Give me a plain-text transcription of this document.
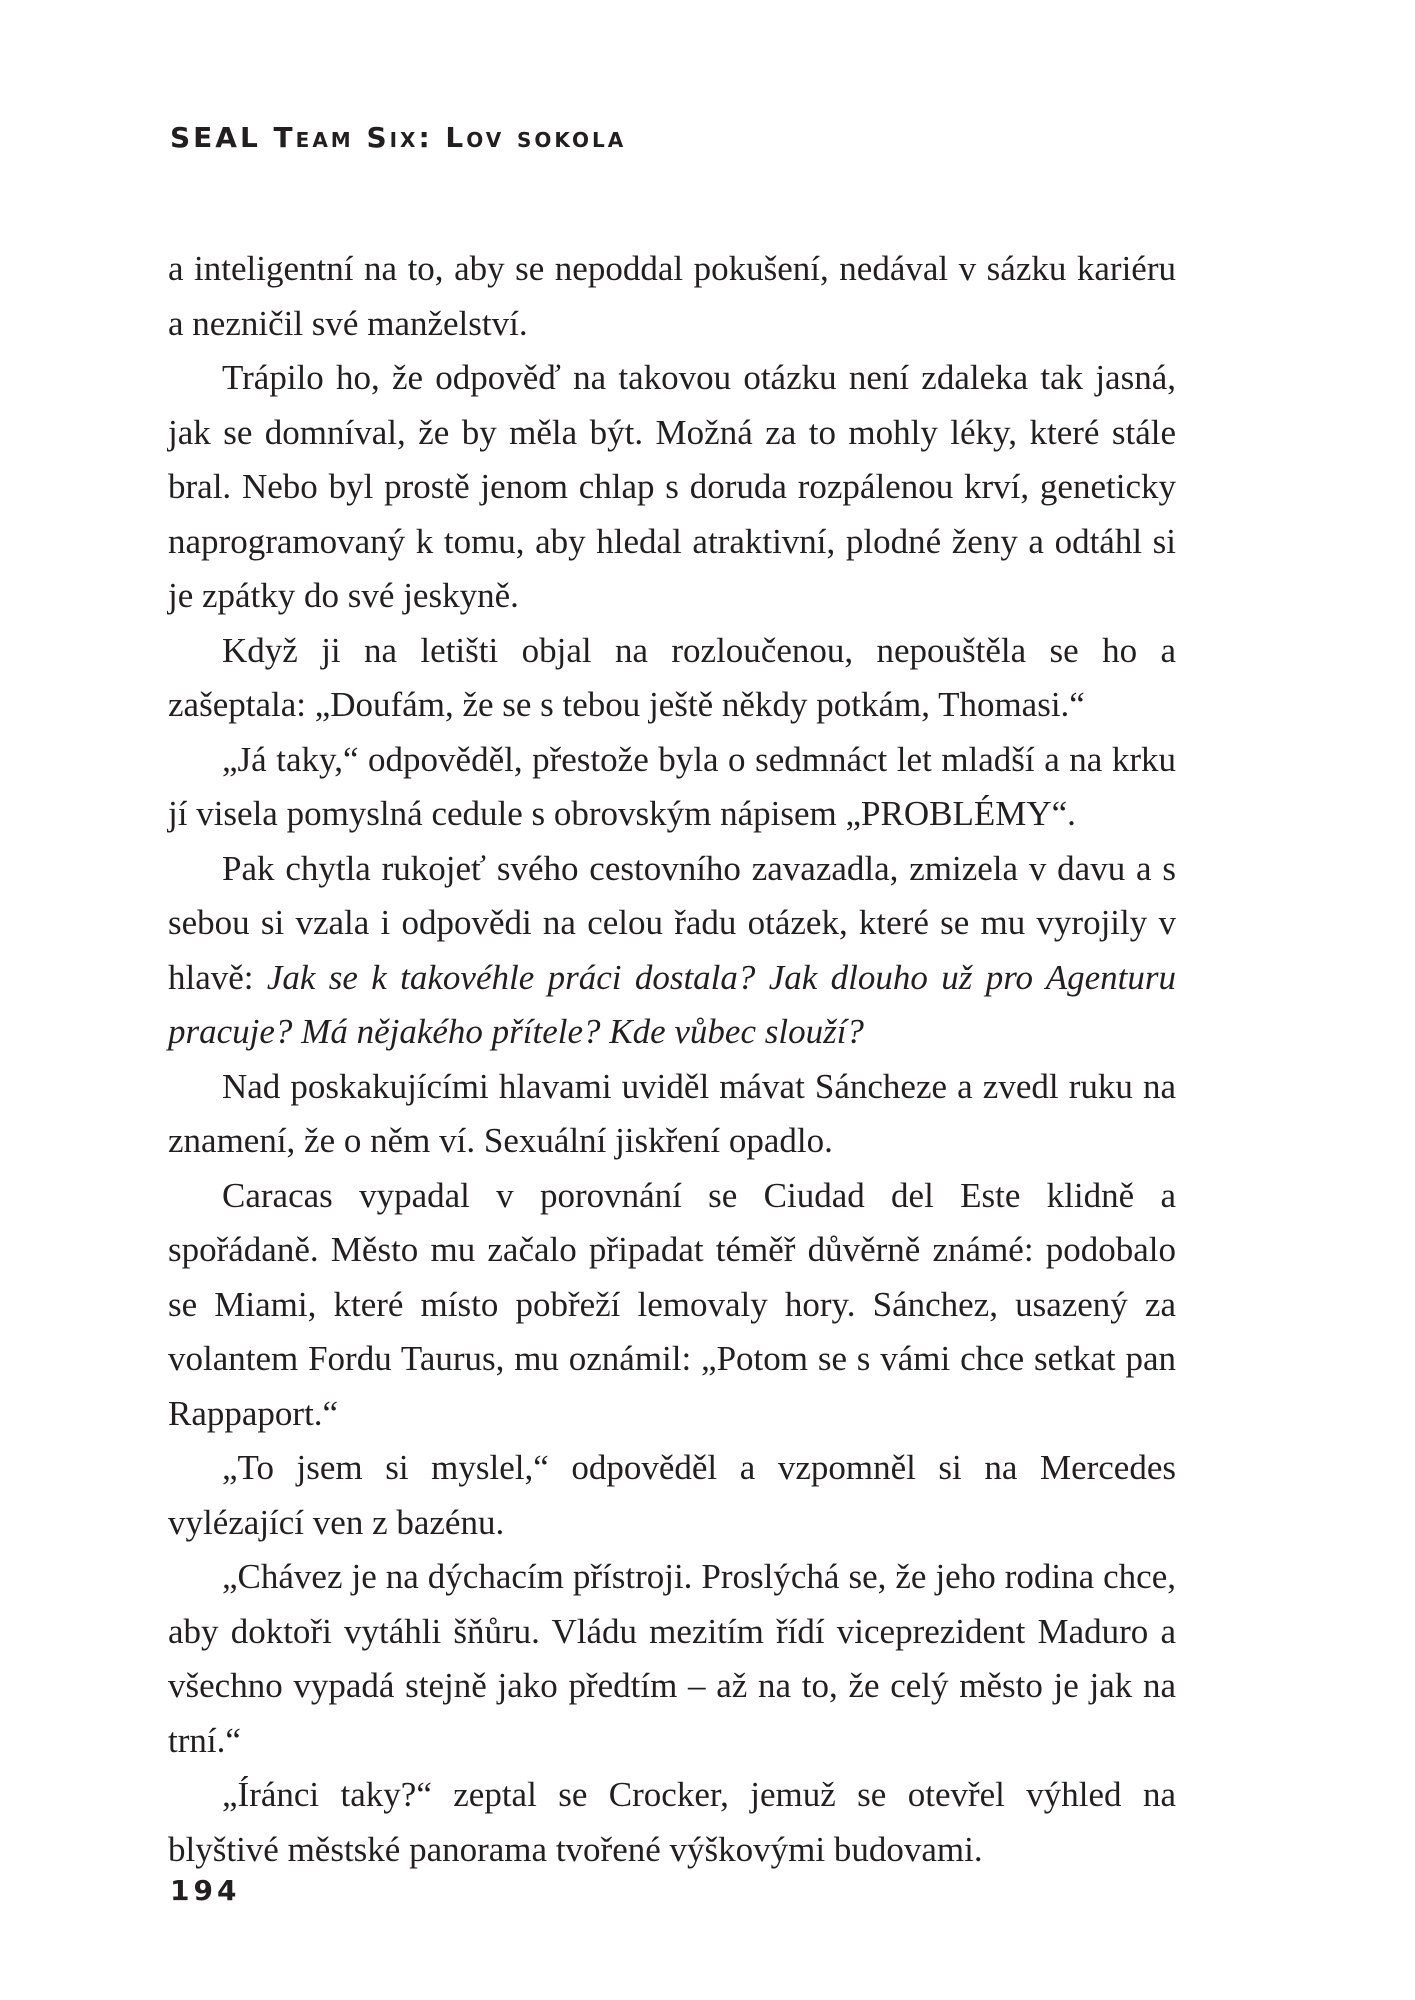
SEAL Team Six: Lov sokola

a inteligentní na to, aby se nepoddal pokušení, nedával v sázku kariéru a nezničil své manželství.

Trápilo ho, že odpověď na takovou otázku není zdaleka tak jasná, jak se domníval, že by měla být. Možná za to mohly léky, které stále bral. Nebo byl prostě jenom chlap s doruda rozpálenou krví, geneticky naprogramovaný k tomu, aby hledal atraktivní, plodné ženy a odtáhl si je zpátky do své jeskyně.

Když ji na letišti objal na rozloučenou, nepouštěla se ho a zašeptala: „Doufám, že se s tebou ještě někdy potkám, Thomasi.“

„Já taky,“ odpověděl, přestože byla o sedmnáct let mladší a na krku jí visela pomyslná cedule s obrovským nápisem „PROBLÉMY“.

Pak chytla rukojeť svého cestovního zavazadla, zmizela v davu a s sebou si vzala i odpovědi na celou řadu otázek, které se mu vyrojily v hlavě: Jak se k takovéhle práci dostala? Jak dlouho už pro Agenturu pracuje? Má nějakého přítele? Kde vůbec slouží?

Nad poskakujícími hlavami uviděl mávat Sáncheze a zvedl ruku na znamení, že o něm ví. Sexuální jiskření opadlo.

Caracas vypadal v porovnání se Ciudad del Este klidně a spořádaně. Město mu začalo připadat téměř důvěrně známé: podobalo se Miami, které místo pobřeží lemovaly hory. Sánchez, usazený za volantem Fordu Taurus, mu oznámil: „Potom se s vámi chce setkat pan Rappaport.“

„To jsem si myslel,“ odpověděl a vzpomněl si na Mercedes vylézající ven z bazénu.

„Chávez je na dýchacím přístroji. Proslýchá se, že jeho rodina chce, aby doktoři vytáhli šňůru. Vládu mezitím řídí viceprezident Maduro a všechno vypadá stejně jako předtím – až na to, že celý město je jak na trní.“

„Íránci taky?“ zeptal se Crocker, jemuž se otevřel výhled na blyštivé městské panorama tvořené výškovými budovami.

194
